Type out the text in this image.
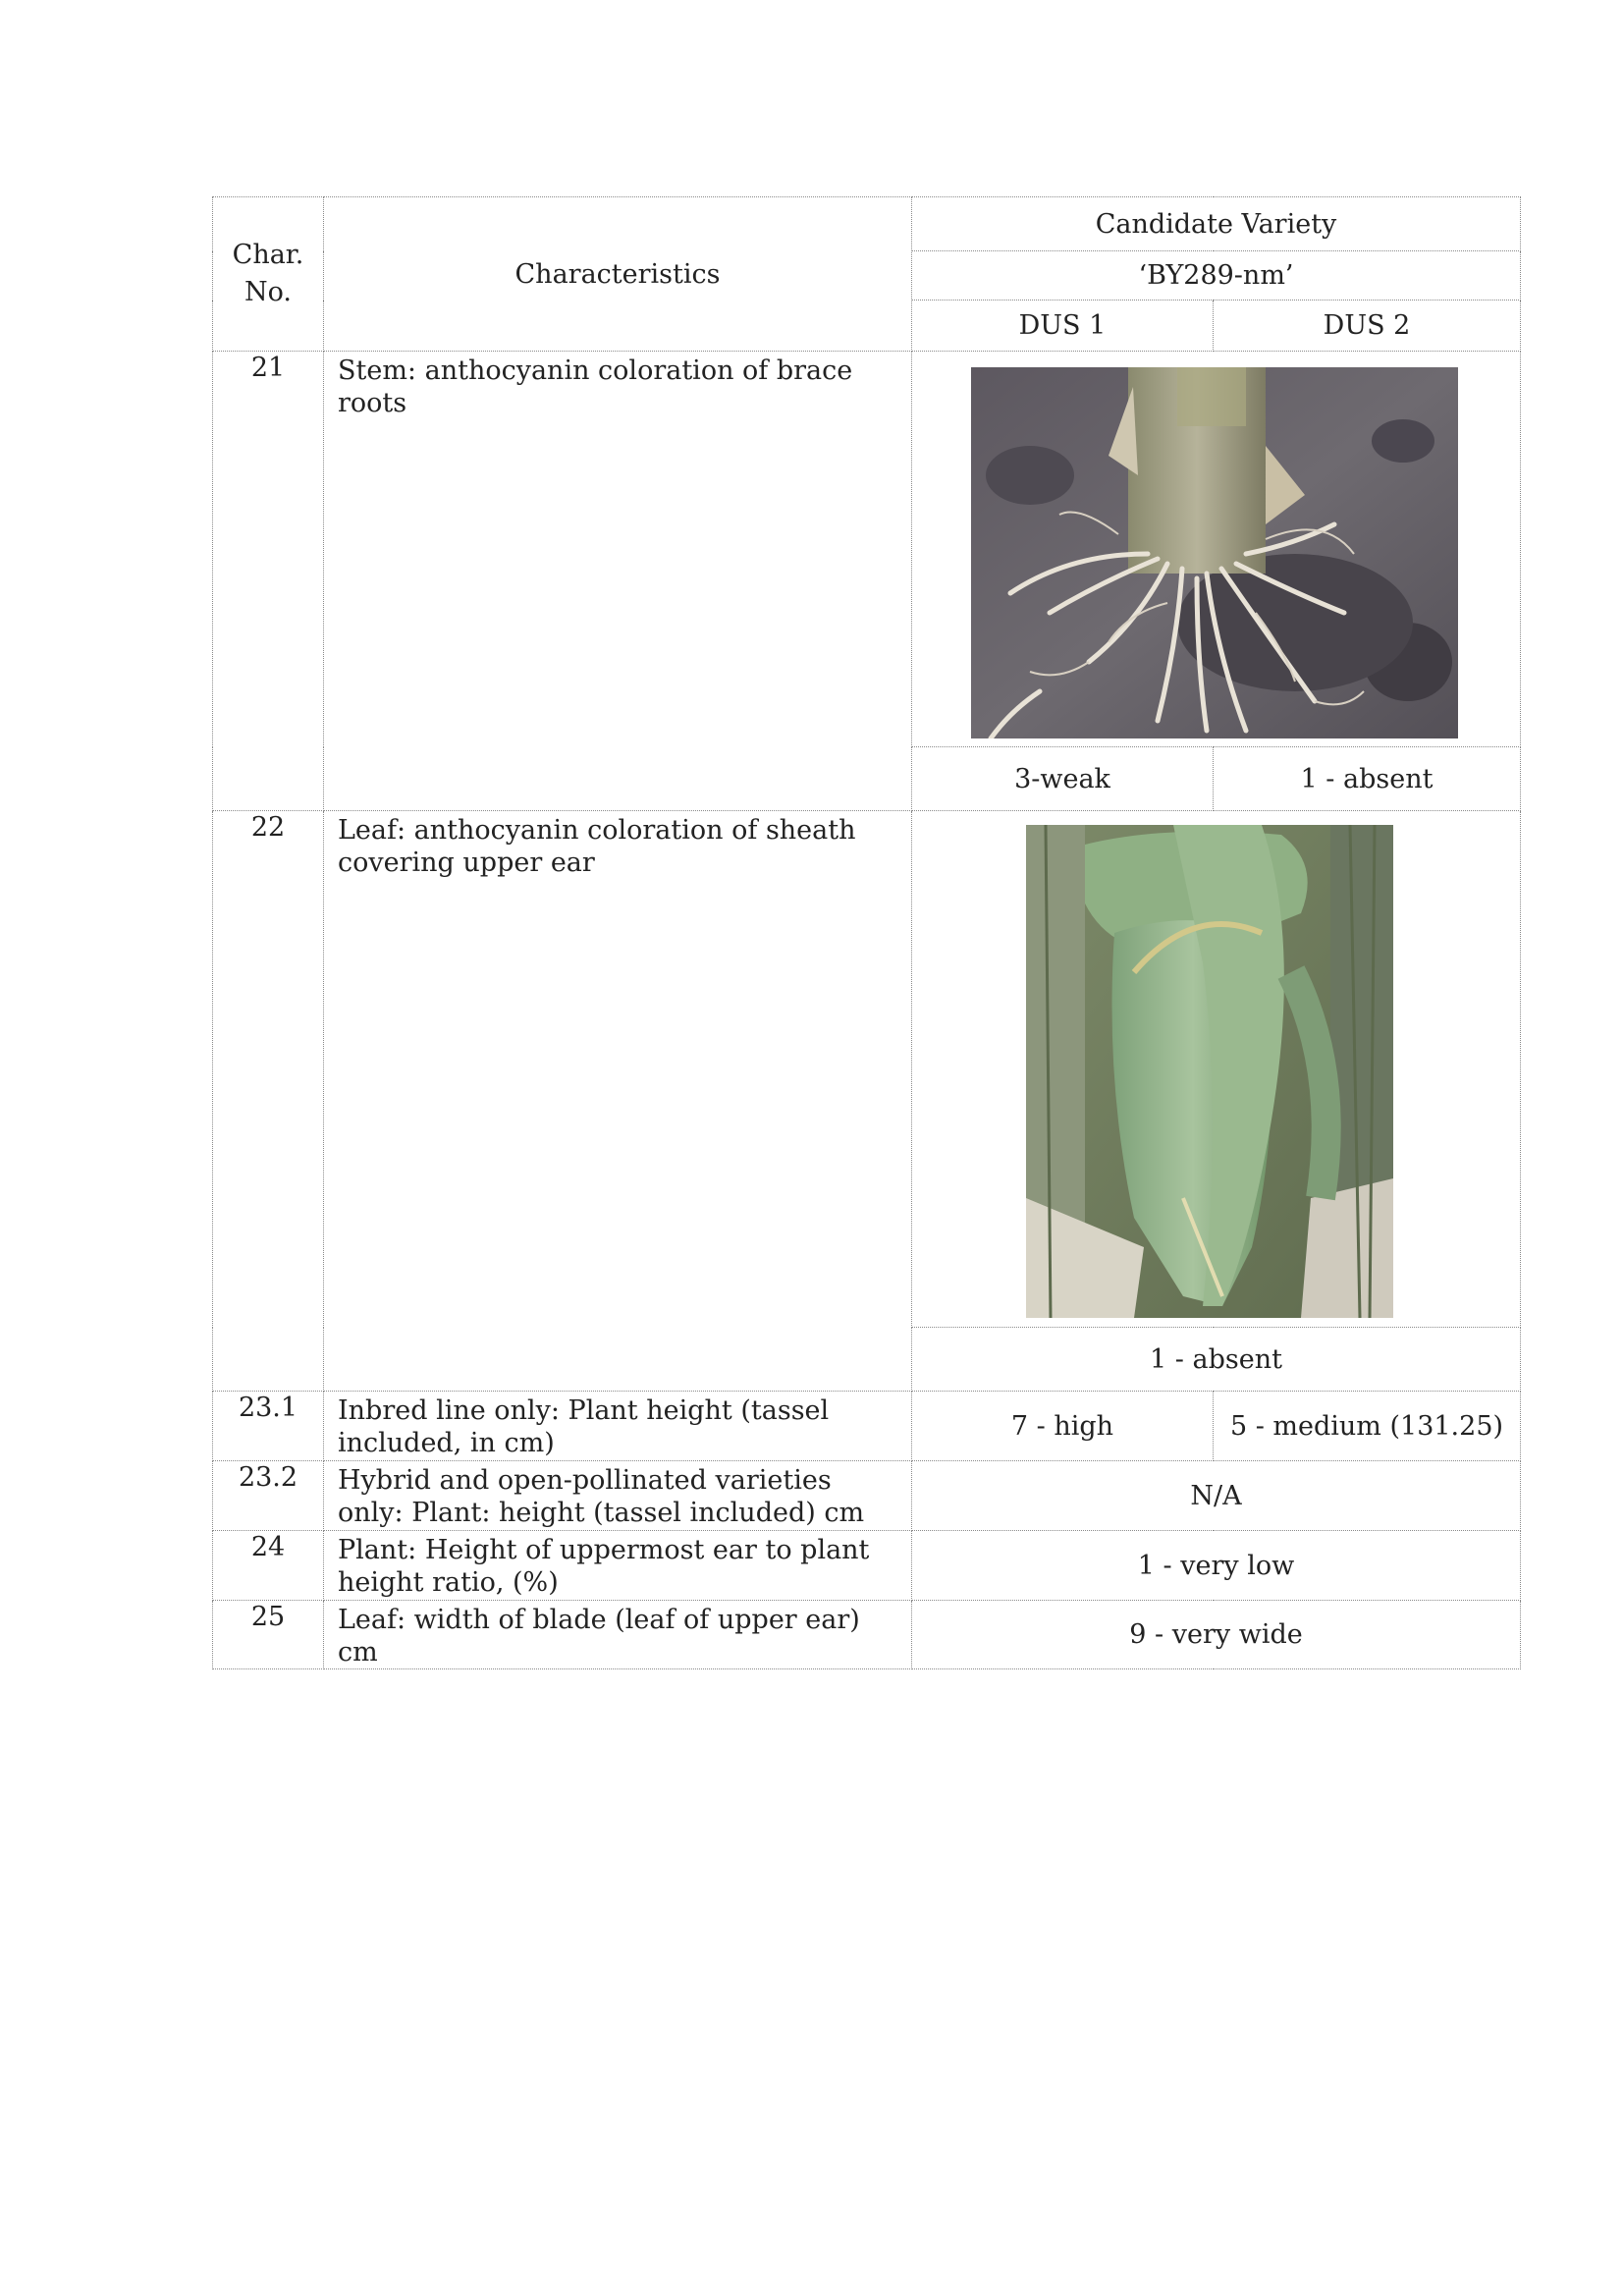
Char.
No.	Characteristics	Candidate Variety	
		‘BY289-nm’	
		DUS 1	DUS 2
21	Stem: anthocyanin coloration of brace roots	

		3-weak	1 - absent
22	Leaf: anthocyanin coloration of sheath covering upper ear	

		1 - absent	
23.1	Inbred line only: Plant height (tassel included, in cm)	7 - high	5 - medium (131.25)
23.2	Hybrid and open-pollinated varieties only: Plant: height (tassel included) cm	N/A	
24	Plant: Height of uppermost ear to plant height ratio, (%)	1 - very low	
25	Leaf: width of blade (leaf of upper ear) cm	9 - very wide	
